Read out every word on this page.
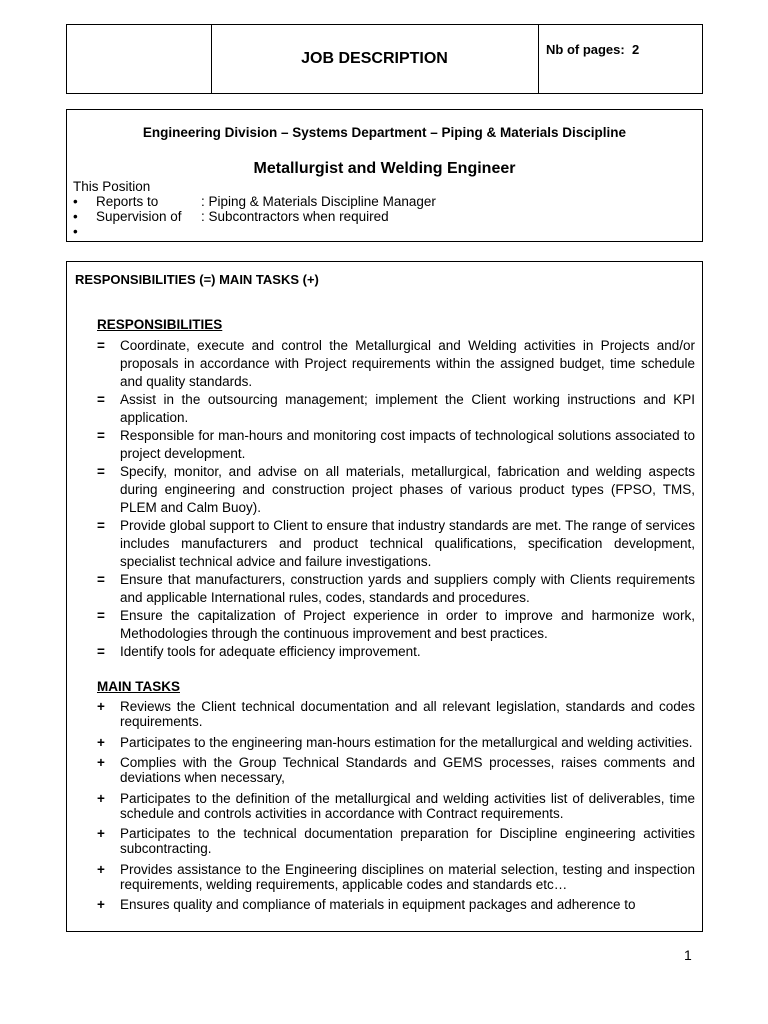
JOB DESCRIPTION
Nb of pages: 2
Engineering Division – Systems Department – Piping & Materials Discipline
Metallurgist and Welding Engineer
This Position
• Reports to	: Piping & Materials Discipline Manager
• Supervision of : Subcontractors when required
•
RESPONSIBILITIES (=) MAIN TASKS (+)
RESPONSIBILITIES
= Coordinate, execute and control the Metallurgical and Welding activities in Projects and/or proposals in accordance with Project requirements within the assigned budget, time schedule and quality standards.
= Assist in the outsourcing management; implement the Client working instructions and KPI application.
= Responsible for man-hours and monitoring cost impacts of technological solutions associated to project development.
= Specify, monitor, and advise on all materials, metallurgical, fabrication and welding aspects during engineering and construction project phases of various product types (FPSO, TMS, PLEM and Calm Buoy).
= Provide global support to Client to ensure that industry standards are met. The range of services includes manufacturers and product technical qualifications, specification development, specialist technical advice and failure investigations.
= Ensure that manufacturers, construction yards and suppliers comply with Clients requirements and applicable International rules, codes, standards and procedures.
= Ensure the capitalization of Project experience in order to improve and harmonize work, Methodologies through the continuous improvement and best practices.
= Identify tools for adequate efficiency improvement.
MAIN TASKS
+ Reviews the Client technical documentation and all relevant legislation, standards and codes requirements.
+ Participates to the engineering man-hours estimation for the metallurgical and welding activities.
+ Complies with the Group Technical Standards and GEMS processes, raises comments and deviations when necessary,
+ Participates to the definition of the metallurgical and welding activities list of deliverables, time schedule and controls activities in accordance with Contract requirements.
+ Participates to the technical documentation preparation for Discipline engineering activities subcontracting.
+ Provides assistance to the Engineering disciplines on material selection, testing and inspection requirements, welding requirements, applicable codes and standards etc…
+ Ensures quality and compliance of materials in equipment packages and adherence to
1
